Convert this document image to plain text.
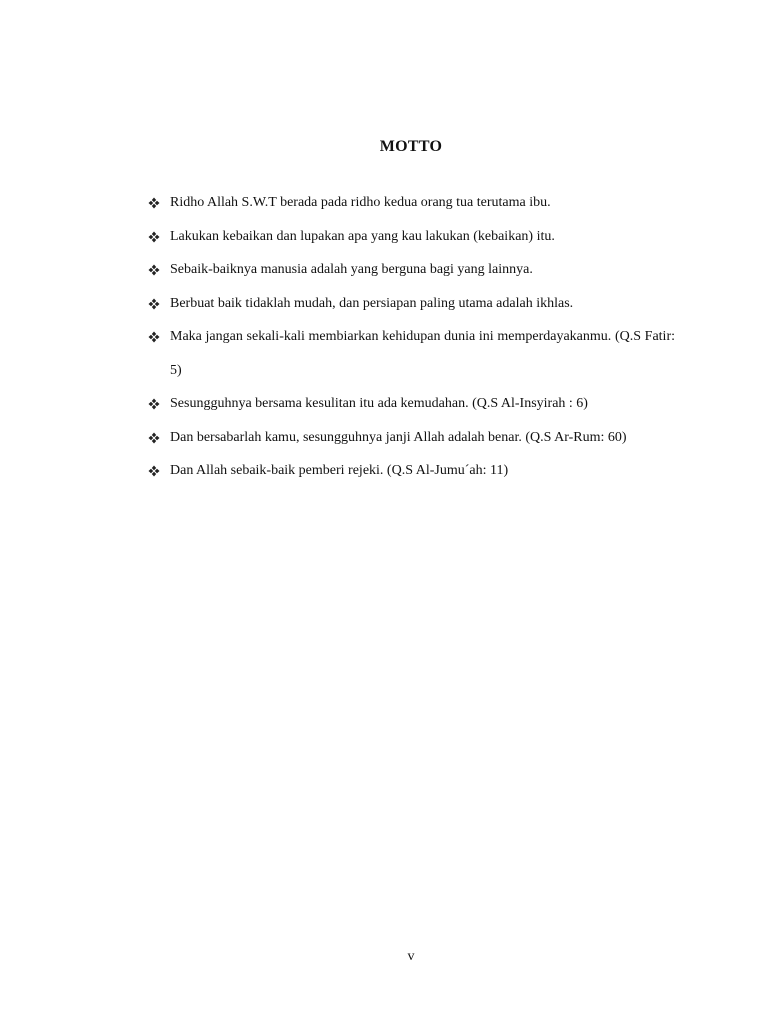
MOTTO
Ridho Allah S.W.T berada pada ridho kedua orang tua terutama ibu.
Lakukan kebaikan dan lupakan apa yang kau lakukan (kebaikan) itu.
Sebaik-baiknya manusia adalah yang berguna bagi yang lainnya.
Berbuat baik tidaklah mudah, dan persiapan paling utama adalah ikhlas.
Maka jangan sekali-kali membiarkan kehidupan dunia ini memperdayakanmu. (Q.S Fatir: 5)
Sesungguhnya bersama kesulitan itu ada kemudahan. (Q.S Al-Insyirah : 6)
Dan bersabarlah kamu, sesungguhnya janji Allah adalah benar. (Q.S Ar-Rum: 60)
Dan Allah sebaik-baik pemberi rejeki. (Q.S Al-Jumu´ah: 11)
v
